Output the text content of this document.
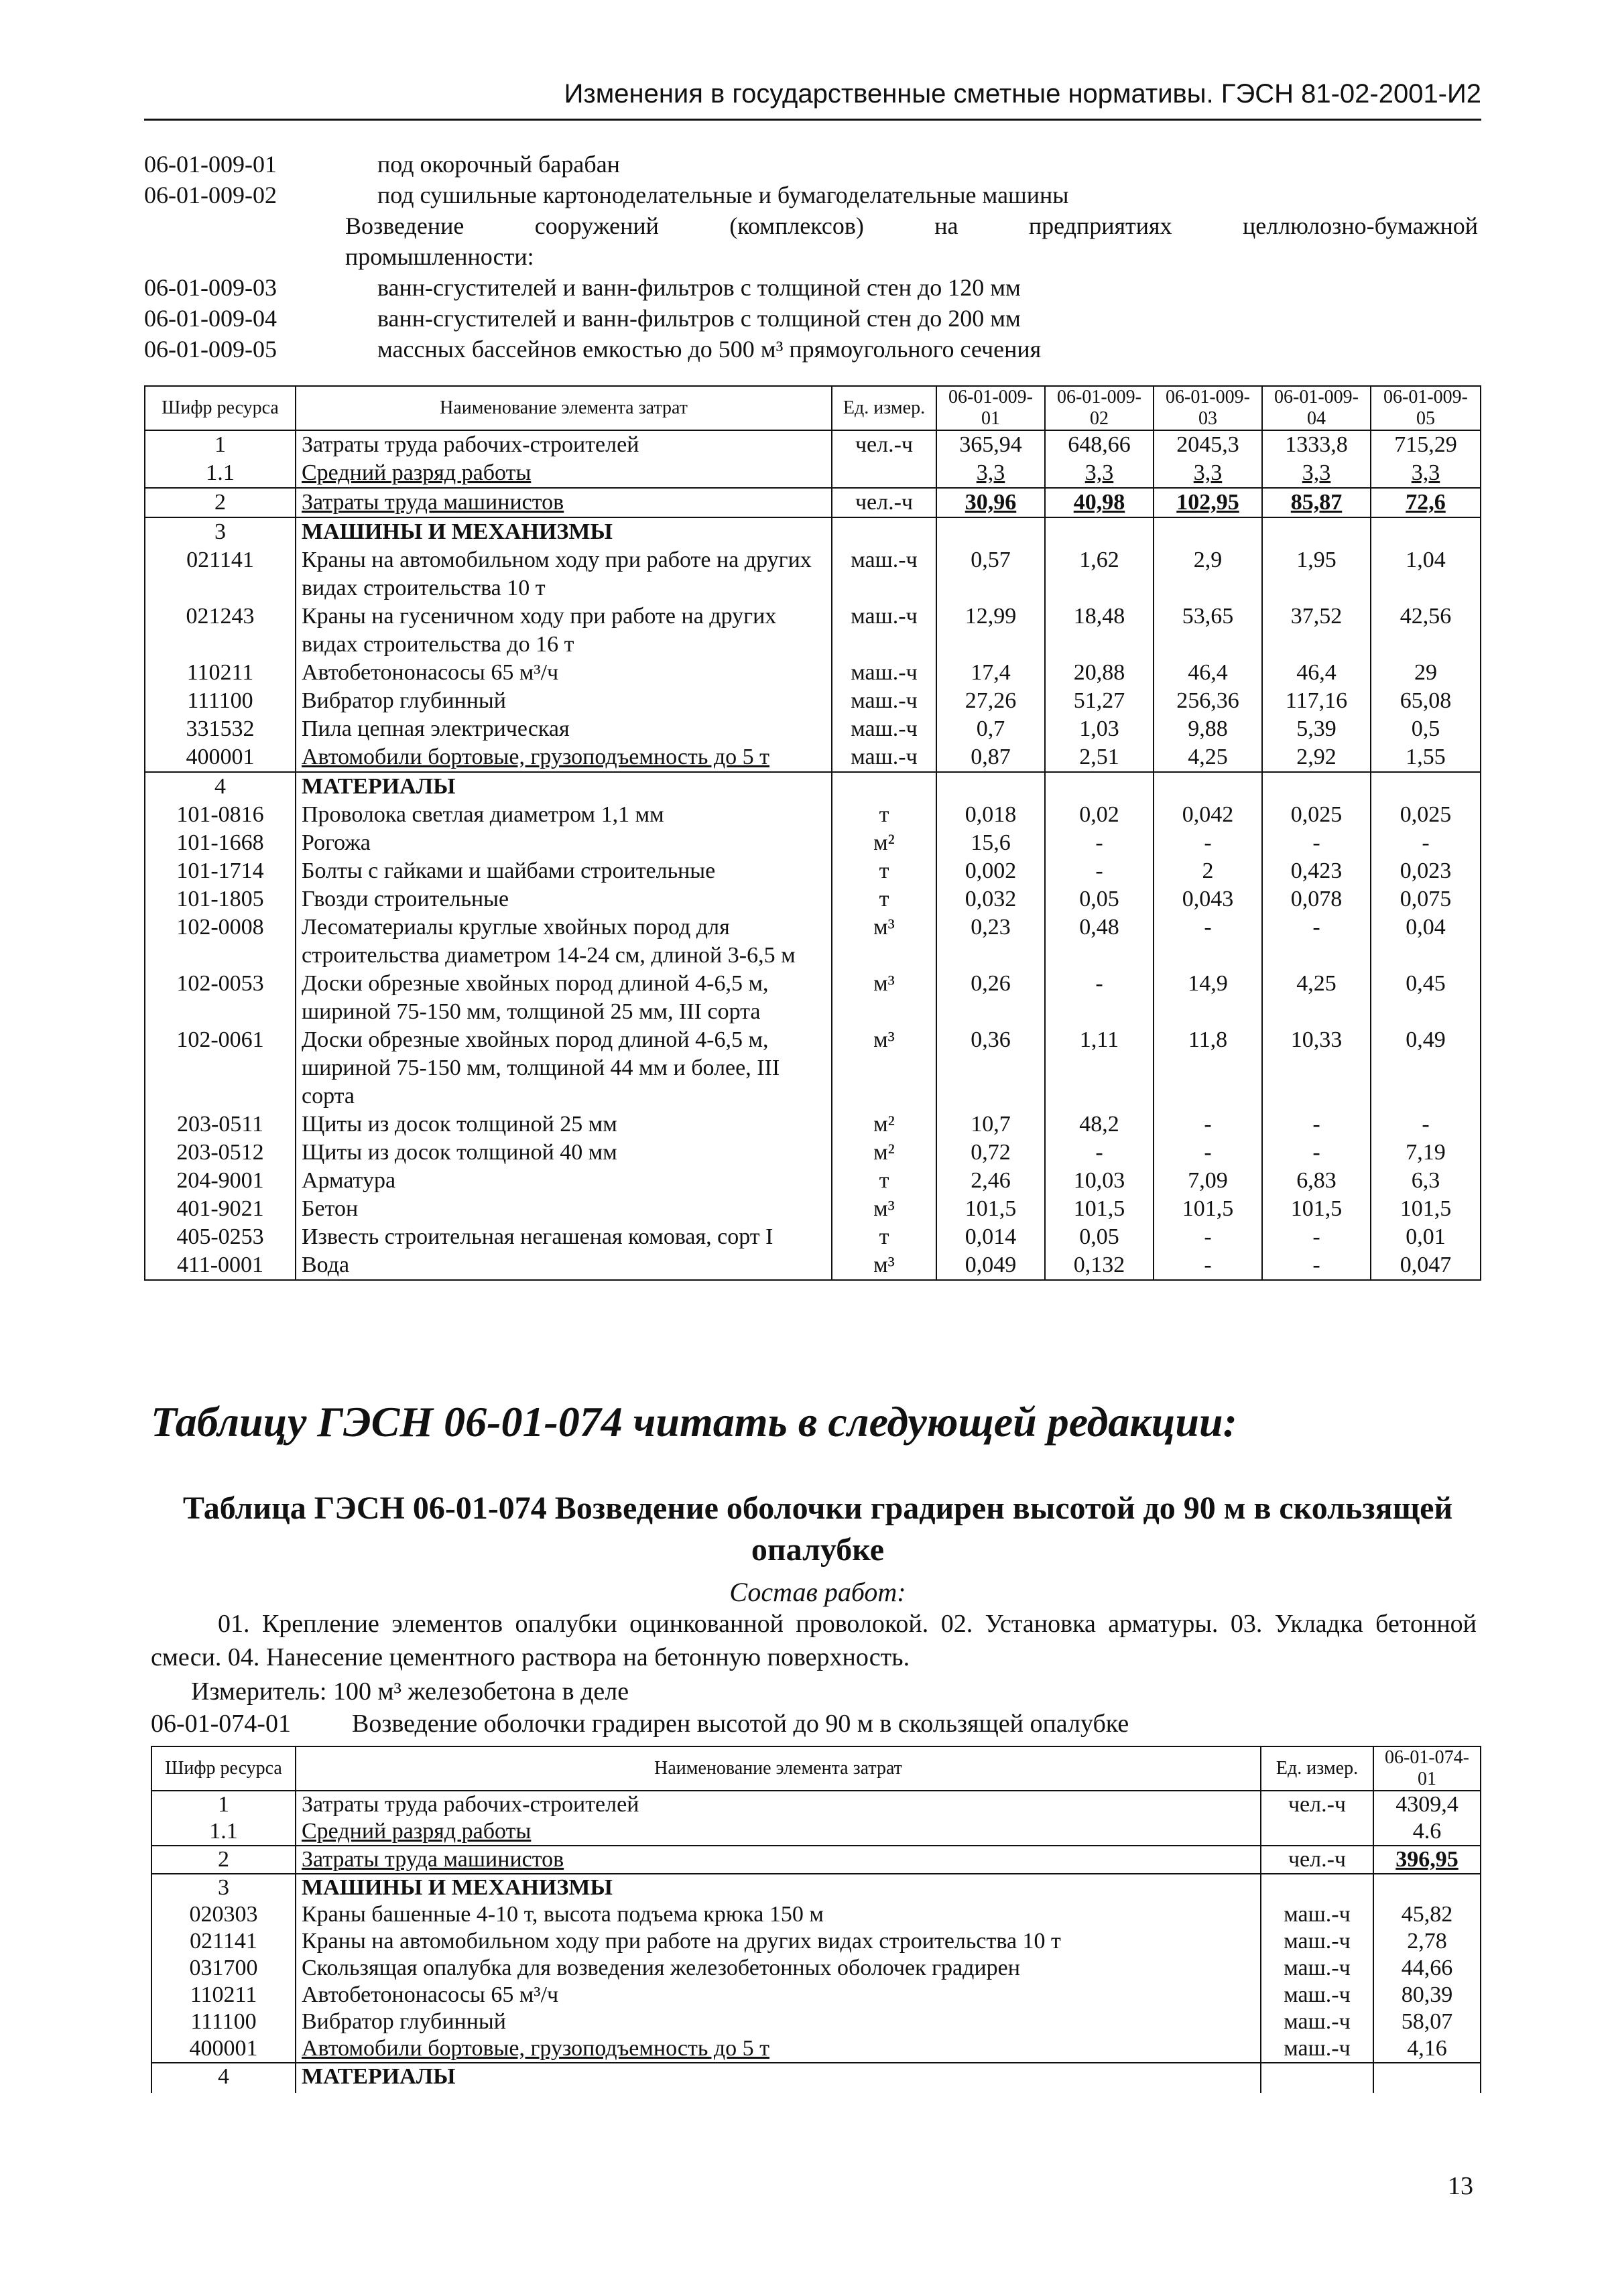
Изменения в государственные сметные нормативы. ГЭСН 81-02-2001-И2
06-01-009-01	под окорочный барабан
06-01-009-02	под сушильные картоноделательные и бумагоделательные машины
Возведение сооружений (комплексов) на предприятиях целлюлозно-бумажной
промышленности:
06-01-009-03	ванн-сгустителей и ванн-фильтров с толщиной стен до 120 мм
06-01-009-04	ванн-сгустителей и ванн-фильтров с толщиной стен до 200 мм
06-01-009-05	массных бассейнов емкостью до 500 м³ прямоугольного сечения
Шифр ресурса	Наименование элемента затрат	Ед. измер.	06-01-009-01	06-01-009-02	06-01-009-03	06-01-009-04	06-01-009-05
1	Затраты труда рабочих-строителей	чел.-ч	365,94	648,66	2045,3	1333,8	715,29
1.1	Средний разряд работы		3,3	3,3	3,3	3,3	3,3
2	Затраты труда машинистов	чел.-ч	30,96	40,98	102,95	85,87	72,6
3	МАШИНЫ И МЕХАНИЗМЫ						
021141	Краны на автомобильном ходу при работе на других видах строительства 10 т	маш.-ч	0,57	1,62	2,9	1,95	1,04
021243	Краны на гусеничном ходу при работе на других видах строительства до 16 т	маш.-ч	12,99	18,48	53,65	37,52	42,56
110211	Автобетононасосы 65 м³/ч	маш.-ч	17,4	20,88	46,4	46,4	29
111100	Вибратор глубинный	маш.-ч	27,26	51,27	256,36	117,16	65,08
331532	Пила цепная электрическая	маш.-ч	0,7	1,03	9,88	5,39	0,5
400001	Автомобили бортовые, грузоподъемность до 5 т	маш.-ч	0,87	2,51	4,25	2,92	1,55
4	МАТЕРИАЛЫ						
101-0816	Проволока светлая диаметром 1,1 мм	т	0,018	0,02	0,042	0,025	0,025
101-1668	Рогожа	м²	15,6	-	-	-	-
101-1714	Болты с гайками и шайбами строительные	т	0,002	-	2	0,423	0,023
101-1805	Гвозди строительные	т	0,032	0,05	0,043	0,078	0,075
102-0008	Лесоматериалы круглые хвойных пород для строительства диаметром 14-24 см, длиной 3-6,5 м	м³	0,23	0,48	-	-	0,04
102-0053	Доски обрезные хвойных пород длиной 4-6,5 м, шириной 75-150 мм, толщиной 25 мм, III сорта	м³	0,26	-	14,9	4,25	0,45
102-0061	Доски обрезные хвойных пород длиной 4-6,5 м, шириной 75-150 мм, толщиной 44 мм и более, III сорта	м³	0,36	1,11	11,8	10,33	0,49
203-0511	Щиты из досок толщиной 25 мм	м²	10,7	48,2	-	-	-
203-0512	Щиты из досок толщиной 40 мм	м²	0,72	-	-	-	7,19
204-9001	Арматура	т	2,46	10,03	7,09	6,83	6,3
401-9021	Бетон	м³	101,5	101,5	101,5	101,5	101,5
405-0253	Известь строительная негашеная комовая, сорт I	т	0,014	0,05	-	-	0,01
411-0001	Вода	м³	0,049	0,132	-	-	0,047
Таблицу ГЭСН 06-01-074 читать в следующей редакции:
Таблица ГЭСН 06-01-074 Возведение оболочки градирен высотой до 90 м в скользящей
опалубке
Состав работ:
01. Крепление элементов опалубки оцинкованной проволокой. 02. Установка арматуры. 03. Укладка бетонной смеси. 04. Нанесение цементного раствора на бетонную поверхность.
Измеритель: 100 м³ железобетона в деле
06-01-074-01	Возведение оболочки градирен высотой до 90 м в скользящей опалубке
Шифр ресурса	Наименование элемента затрат	Ед. измер.	06-01-074-01
1	Затраты труда рабочих-строителей	чел.-ч	4309,4
1.1	Средний разряд работы		4.6
2	Затраты труда машинистов	чел.-ч	396,95
3	МАШИНЫ И МЕХАНИЗМЫ		
020303	Краны башенные 4-10 т, высота подъема крюка 150 м	маш.-ч	45,82
021141	Краны на автомобильном ходу при работе на других видах строительства 10 т	маш.-ч	2,78
031700	Скользящая опалубка для возведения железобетонных оболочек градирен	маш.-ч	44,66
110211	Автобетононасосы 65 м³/ч	маш.-ч	80,39
111100	Вибратор глубинный	маш.-ч	58,07
400001	Автомобили бортовые, грузоподъемность до 5 т	маш.-ч	4,16
4	МАТЕРИАЛЫ		
13
